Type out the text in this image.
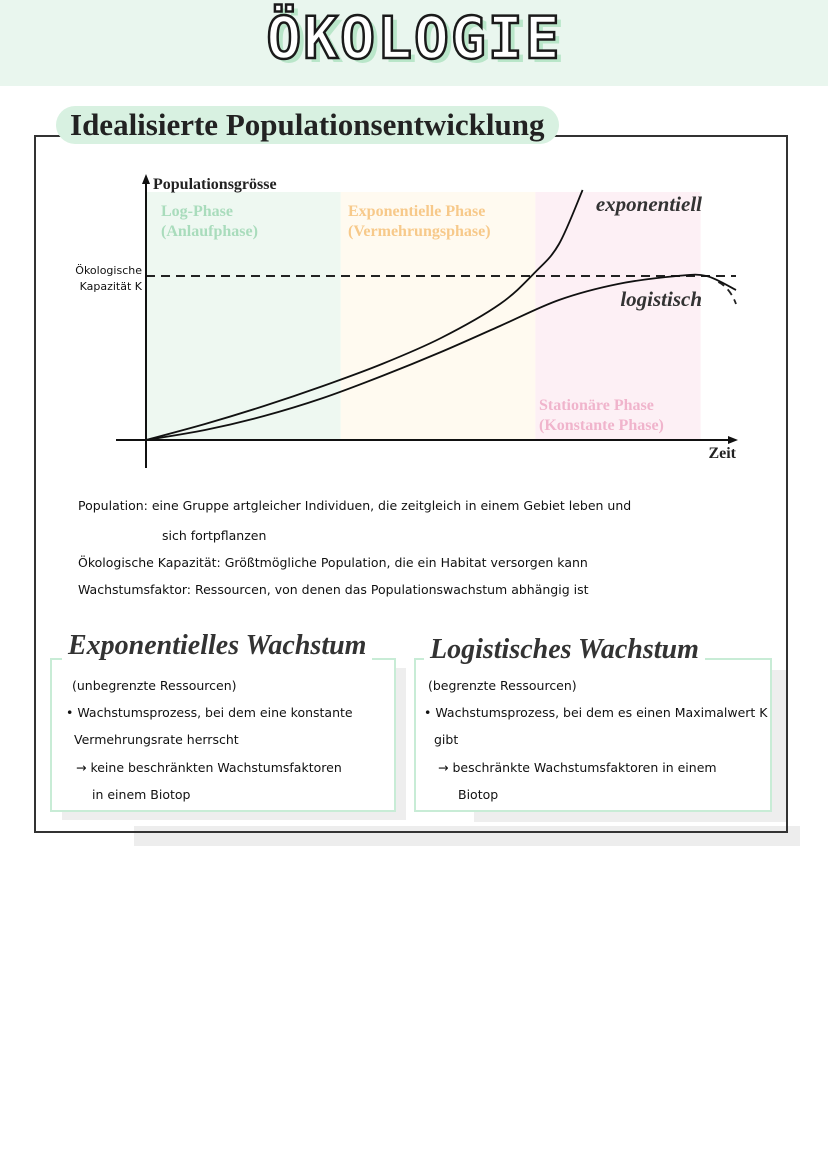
ÖKOLOGIE
Idealisierte Populationsentwicklung
Log-Phase
(Anlaufphase)
Exponentielle Phase
(Vermehrungsphase)
Stationäre Phase
(Konstante Phase)
Populationsgrösse
Zeit
Ökologische
Kapazität K
exponentiell
logistisch
Population: eine Gruppe artgleicher Individuen, die zeitgleich in einem Gebiet leben und
sich fortpflanzen
Ökologische Kapazität: Größtmögliche Population, die ein Habitat versorgen kann
Wachstumsfaktor: Ressourcen, von denen das Populationswachstum abhängig ist
(unbegrenzte Ressourcen)
• Wachstumsprozess, bei dem eine konstante
Vermehrungsrate herrscht
→ keine beschränkten Wachstumsfaktoren
in einem Biotop
Exponentielles Wachstum
(begrenzte Ressourcen)
• Wachstumsprozess, bei dem es einen Maximalwert K
gibt
→ beschränkte Wachstumsfaktoren in einem
Biotop
Logistisches Wachstum
